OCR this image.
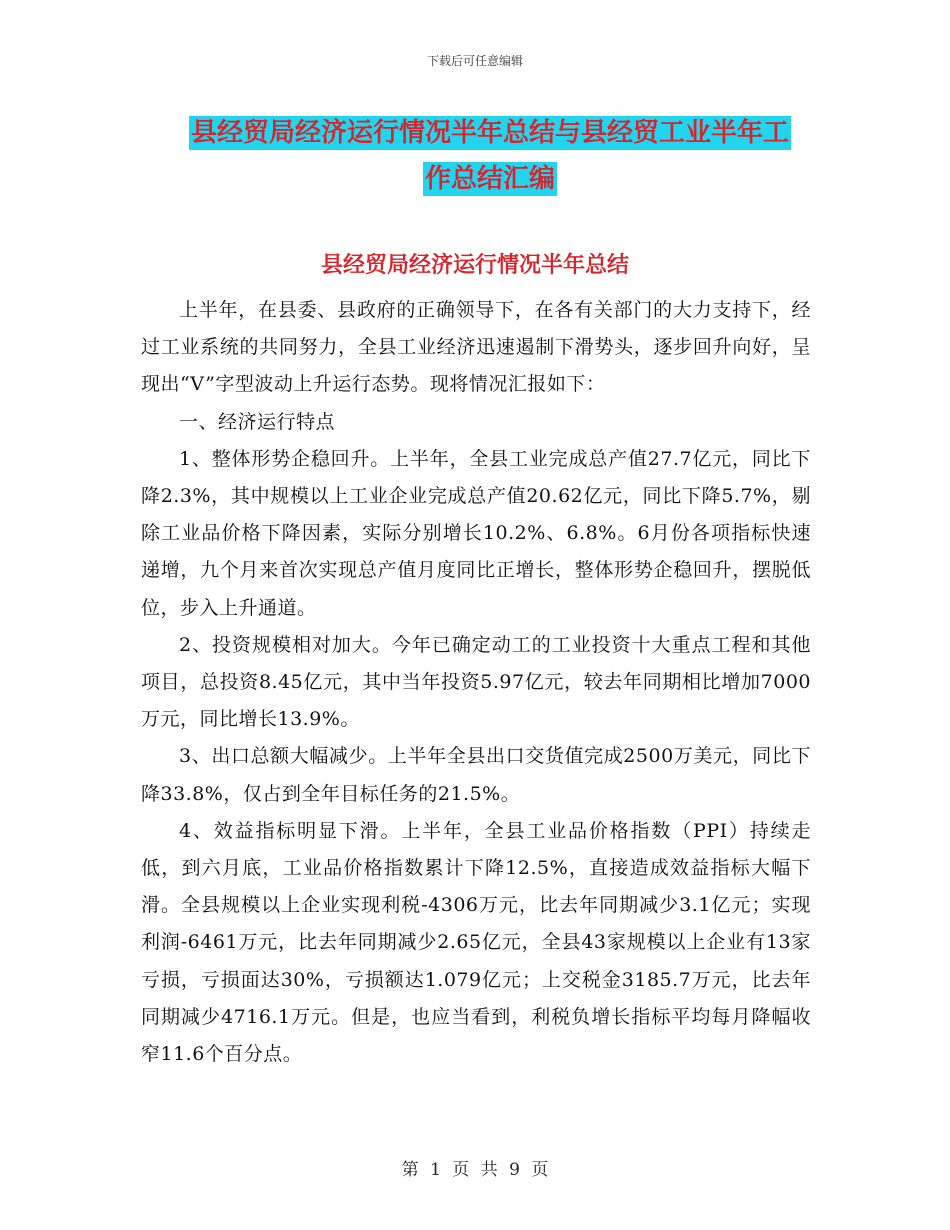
下载后可任意编辑
县经贸局经济运行情况半年总结与县经贸工业半年工
作总结汇编
县经贸局经济运行情况半年总结

上半年，在县委、县政府的正确领导下，在各有关部门的大力支持下，经过工业系统的共同努力，全县工业经济迅速遏制下滑势头，逐步回升向好，呈现出“V”字型波动上升运行态势。现将情况汇报如下：

一、经济运行特点

1、整体形势企稳回升。上半年，全县工业完成总产值27.7亿元，同比下降2.3%，其中规模以上工业企业完成总产值20.62亿元，同比下降5.7%，剔除工业品价格下降因素，实际分别增长10.2%、6.8%。6月份各项指标快速递增，九个月来首次实现总产值月度同比正增长，整体形势企稳回升，摆脱低位，步入上升通道。

2、投资规模相对加大。今年已确定动工的工业投资十大重点工程和其他项目，总投资8.45亿元，其中当年投资5.97亿元，较去年同期相比增加7000万元，同比增长13.9%。

3、出口总额大幅减少。上半年全县出口交货值完成2500万美元，同比下降33.8%，仅占到全年目标任务的21.5%。

4、效益指标明显下滑。上半年，全县工业品价格指数（PPI）持续走低，到六月底，工业品价格指数累计下降12.5%，直接造成效益指标大幅下滑。全县规模以上企业实现利税-4306万元，比去年同期减少3.1亿元；实现利润-6461万元，比去年同期减少2.65亿元，全县43家规模以上企业有13家亏损，亏损面达30%，亏损额达1.079亿元；上交税金3185.7万元，比去年同期减少4716.1万元。但是，也应当看到，利税负增长指标平均每月降幅收窄11.6个百分点。

第 1 页 共 9 页
